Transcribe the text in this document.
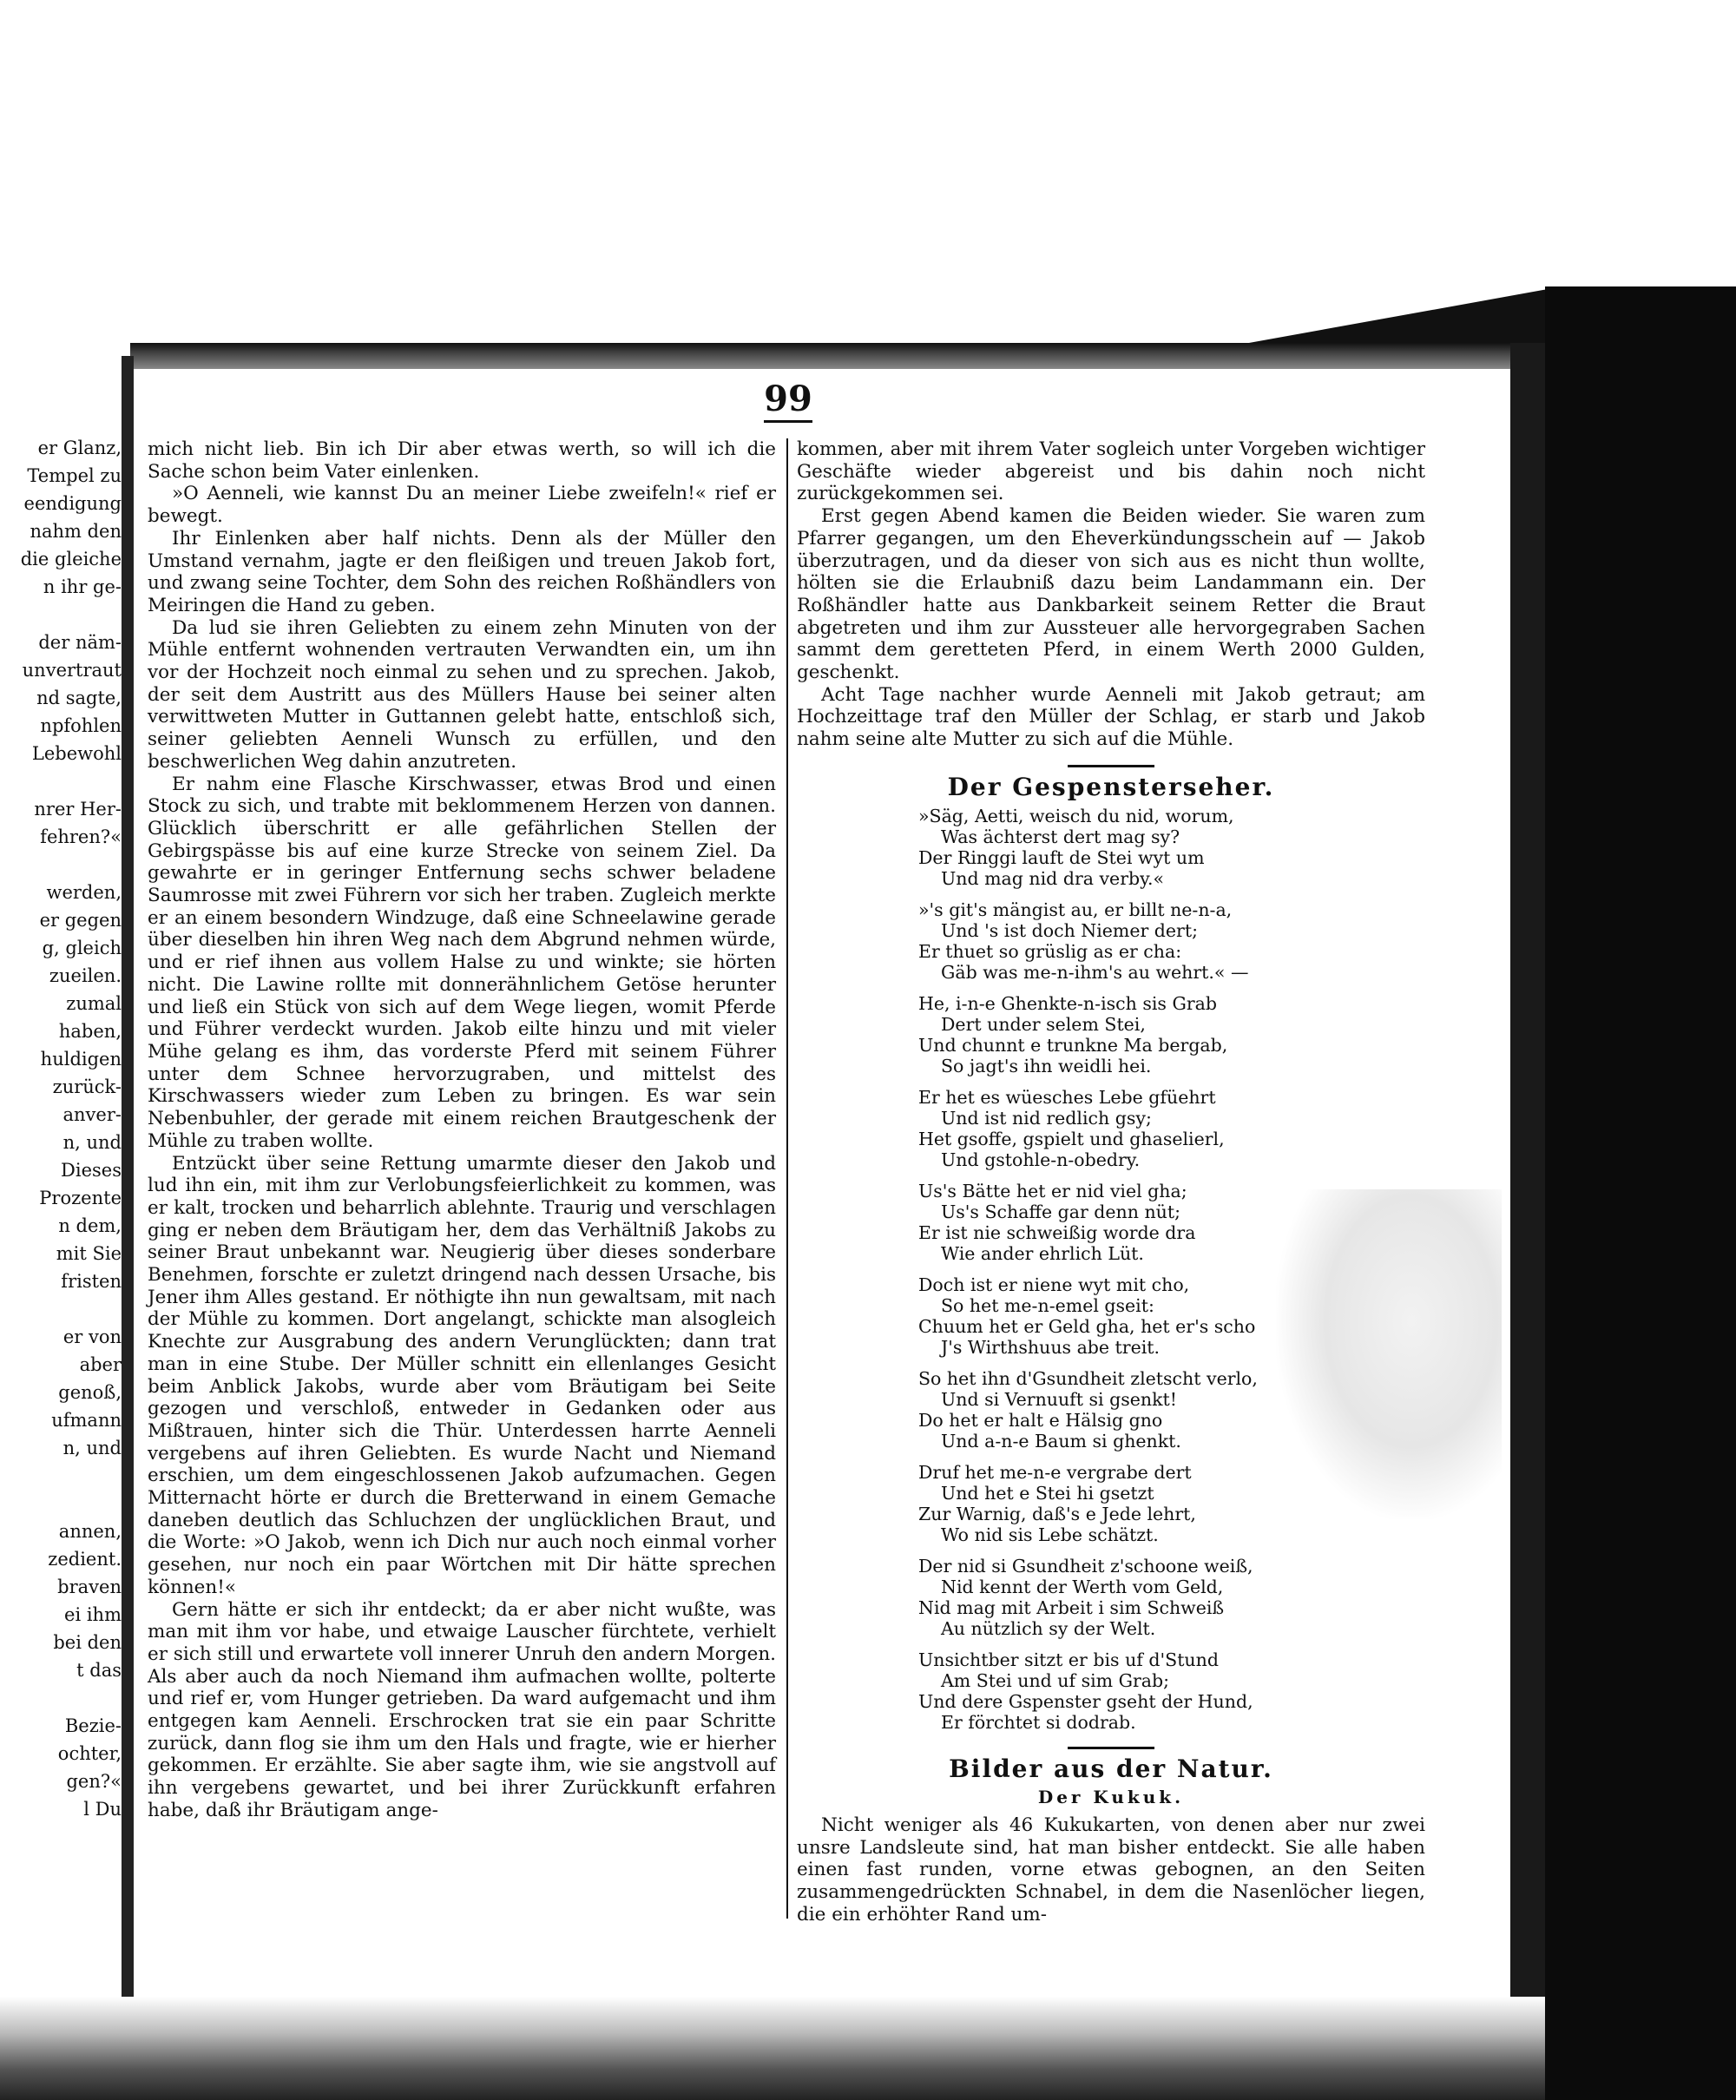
er Glanz,
Tempel zu
eendigung
nahm den
die gleiche
n ihr ge-
der näm-
unvertraut
nd sagte,
npfohlen
Lebewohl
nrer Her-
fehren?«
werden,
er gegen
g, gleich
zueilen.
zumal
haben,
huldigen
zurück-
anver-
n, und
Dieses
Prozente
n dem,
mit Sie
fristen
er von
aber
genoß,
ufmann
n, und
annen,
zedient.
braven
ei ihm
bei den
t das
Bezie-
ochter,
gen?«
l Du
99

mich nicht lieb. Bin ich Dir aber etwas werth, so will ich die Sache schon beim Vater einlenken.

»O Aenneli, wie kannst Du an meiner Liebe zweifeln!« rief er bewegt.

Ihr Einlenken aber half nichts. Denn als der Müller den Umstand vernahm, jagte er den fleißigen und treuen Jakob fort, und zwang seine Tochter, dem Sohn des reichen Roßhändlers von Meiringen die Hand zu geben.

Da lud sie ihren Geliebten zu einem zehn Minuten von der Mühle entfernt wohnenden vertrauten Verwandten ein, um ihn vor der Hochzeit noch einmal zu sehen und zu sprechen. Jakob, der seit dem Austritt aus des Müllers Hause bei seiner alten verwittweten Mutter in Guttannen gelebt hatte, entschloß sich, seiner geliebten Aenneli Wunsch zu erfüllen, und den beschwerlichen Weg dahin anzutreten.

Er nahm eine Flasche Kirschwasser, etwas Brod und einen Stock zu sich, und trabte mit beklommenem Herzen von dannen. Glücklich überschritt er alle gefährlichen Stellen der Gebirgspässe bis auf eine kurze Strecke von seinem Ziel. Da gewahrte er in geringer Entfernung sechs schwer beladene Saumrosse mit zwei Führern vor sich her traben. Zugleich merkte er an einem besondern Windzuge, daß eine Schneelawine gerade über dieselben hin ihren Weg nach dem Abgrund nehmen würde, und er rief ihnen aus vollem Halse zu und winkte; sie hörten nicht. Die Lawine rollte mit donnerähnlichem Getöse herunter und ließ ein Stück von sich auf dem Wege liegen, womit Pferde und Führer verdeckt wurden. Jakob eilte hinzu und mit vieler Mühe gelang es ihm, das vorderste Pferd mit seinem Führer unter dem Schnee hervorzugraben, und mittelst des Kirschwassers wieder zum Leben zu bringen. Es war sein Nebenbuhler, der gerade mit einem reichen Brautgeschenk der Mühle zu traben wollte.

Entzückt über seine Rettung umarmte dieser den Jakob und lud ihn ein, mit ihm zur Verlobungsfeierlichkeit zu kommen, was er kalt, trocken und beharrlich ablehnte. Traurig und verschlagen ging er neben dem Bräutigam her, dem das Verhältniß Jakobs zu seiner Braut unbekannt war. Neugierig über dieses sonderbare Benehmen, forschte er zuletzt dringend nach dessen Ursache, bis Jener ihm Alles gestand. Er nöthigte ihn nun gewaltsam, mit nach der Mühle zu kommen. Dort angelangt, schickte man alsogleich Knechte zur Ausgrabung des andern Verunglückten; dann trat man in eine Stube. Der Müller schnitt ein ellenlanges Gesicht beim Anblick Jakobs, wurde aber vom Bräutigam bei Seite gezogen und verschloß, entweder in Gedanken oder aus Mißtrauen, hinter sich die Thür. Unterdessen harrte Aenneli vergebens auf ihren Geliebten. Es wurde Nacht und Niemand erschien, um dem eingeschlossenen Jakob aufzumachen. Gegen Mitternacht hörte er durch die Bretterwand in einem Gemache daneben deutlich das Schluchzen der unglücklichen Braut, und die Worte: »O Jakob, wenn ich Dich nur auch noch einmal vorher gesehen, nur noch ein paar Wörtchen mit Dir hätte sprechen können!«

Gern hätte er sich ihr entdeckt; da er aber nicht wußte, was man mit ihm vor habe, und etwaige Lauscher fürchtete, verhielt er sich still und erwartete voll innerer Unruh den andern Morgen. Als aber auch da noch Niemand ihm aufmachen wollte, polterte und rief er, vom Hunger getrieben. Da ward aufgemacht und ihm entgegen kam Aenneli. Erschrocken trat sie ein paar Schritte zurück, dann flog sie ihm um den Hals und fragte, wie er hierher gekommen. Er erzählte. Sie aber sagte ihm, wie sie angstvoll auf ihn vergebens gewartet, und bei ihrer Zurückkunft erfahren habe, daß ihr Bräutigam ange-

kommen, aber mit ihrem Vater sogleich unter Vorgeben wichtiger Geschäfte wieder abgereist und bis dahin noch nicht zurückgekommen sei.

Erst gegen Abend kamen die Beiden wieder. Sie waren zum Pfarrer gegangen, um den Eheverkündungsschein auf — Jakob überzutragen, und da dieser von sich aus es nicht thun wollte, hölten sie die Erlaubniß dazu beim Landammann ein. Der Roßhändler hatte aus Dankbarkeit seinem Retter die Braut abgetreten und ihm zur Aussteuer alle hervorgegraben Sachen sammt dem geretteten Pferd, in einem Werth 2000 Gulden, geschenkt.

Acht Tage nachher wurde Aenneli mit Jakob getraut; am Hochzeittage traf den Müller der Schlag, er starb und Jakob nahm seine alte Mutter zu sich auf die Mühle.

Der Gespensterseher.
»Säg, Aetti, weisch du nid, worum,
Was ächterst dert mag sy?
Der Ringgi lauft de Stei wyt um
Und mag nid dra verby.«
»'s git's mängist au, er billt ne-n-a,
Und 's ist doch Niemer dert;
Er thuet so grüslig as er cha:
Gäb was me-n-ihm's au wehrt.« —
He, i-n-e Ghenkte-n-isch sis Grab
Dert under selem Stei,
Und chunnt e trunkne Ma bergab,
So jagt's ihn weidli hei.
Er het es wüesches Lebe gfüehrt
Und ist nid redlich gsy;
Het gsoffe, gspielt und ghaselierl,
Und gstohle-n-obedry.
Us's Bätte het er nid viel gha;
Us's Schaffe gar denn nüt;
Er ist nie schweißig worde dra
Wie ander ehrlich Lüt.
Doch ist er niene wyt mit cho,
So het me-n-emel gseit:
Chuum het er Geld gha, het er's scho
J's Wirthshuus abe treit.
So het ihn d'Gsundheit zletscht verlo,
Und si Vernuuft si gsenkt!
Do het er halt e Hälsig gno
Und a-n-e Baum si ghenkt.
Druf het me-n-e vergrabe dert
Und het e Stei hi gsetzt
Zur Warnig, daß's e Jede lehrt,
Wo nid sis Lebe schätzt.
Der nid si Gsundheit z'schoone weiß,
Nid kennt der Werth vom Geld,
Nid mag mit Arbeit i sim Schweiß
Au nützlich sy der Welt.
Unsichtber sitzt er bis uf d'Stund
Am Stei und uf sim Grab;
Und dere Gspenster gseht der Hund,
Er förchtet si dodrab.
Bilder aus der Natur.
Der Kukuk.

Nicht weniger als 46 Kukukarten, von denen aber nur zwei unsre Landsleute sind, hat man bisher entdeckt. Sie alle haben einen fast runden, vorne etwas gebognen, an den Seiten zusammengedrückten Schnabel, in dem die Nasenlöcher liegen, die ein erhöhter Rand um-
